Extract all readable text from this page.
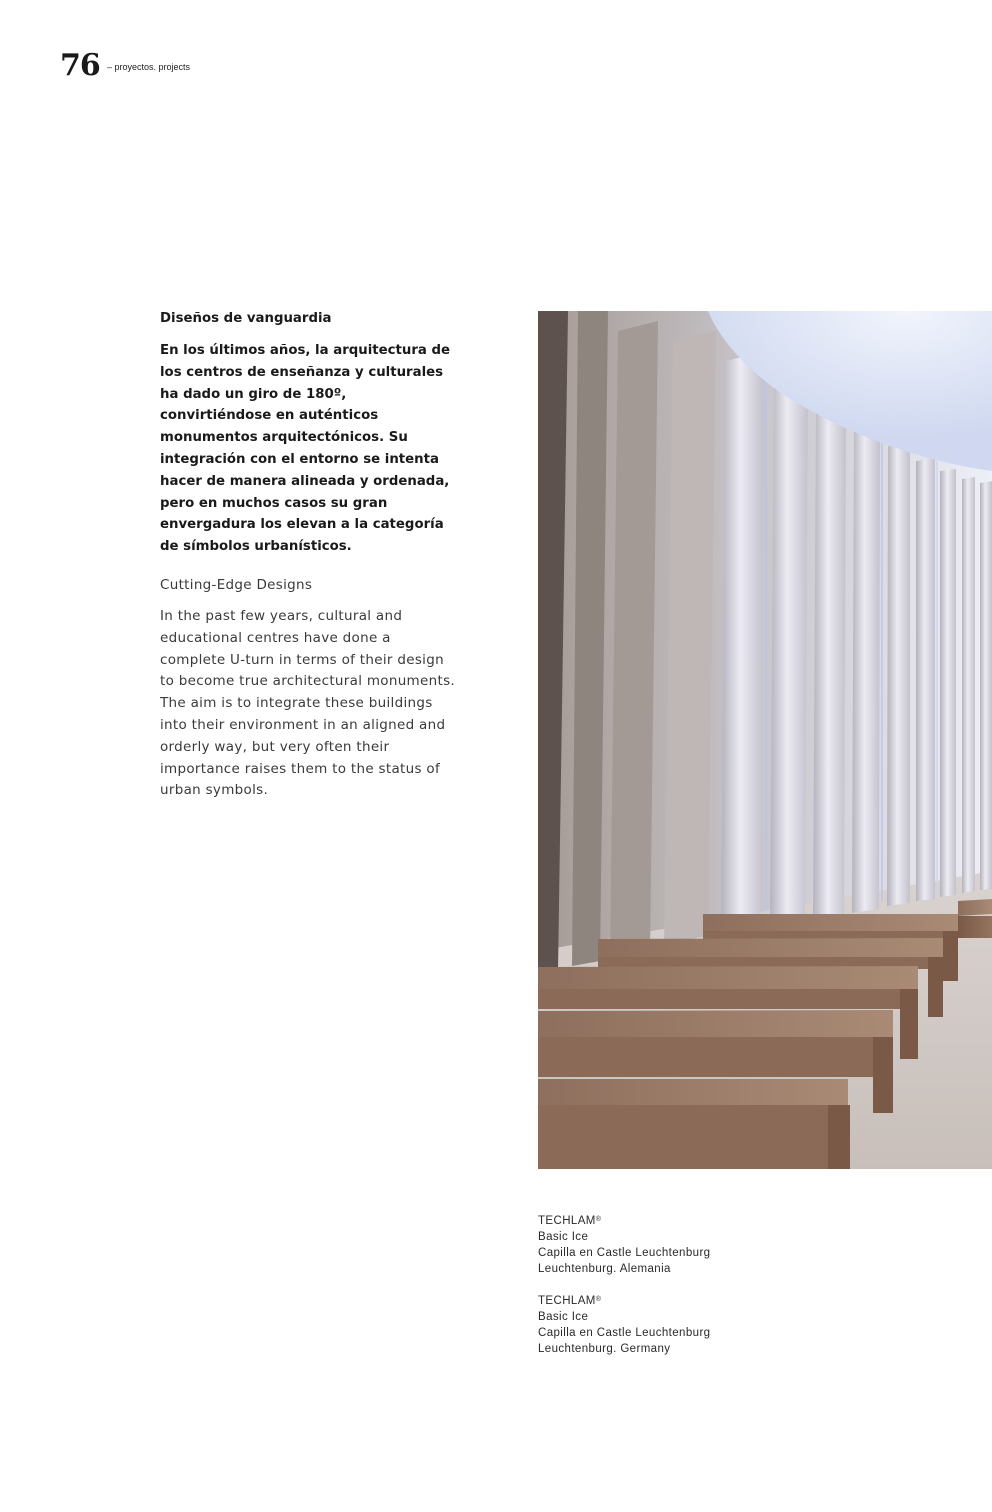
76 – proyectos. projects
Diseños de vanguardia
En los últimos años, la arquitectura de los centros de enseñanza y culturales ha dado un giro de 180º, convirtiéndose en auténticos monumentos arquitectónicos. Su integración con el entorno se intenta hacer de manera alineada y ordenada, pero en muchos casos su gran envergadura los elevan a la categoría de símbolos urbanísticos.
Cutting-Edge Designs
In the past few years, cultural and educational centres have done a complete U-turn in terms of their design to become true architectural monuments. The aim is to integrate these buildings into their environment in an aligned and orderly way, but very often their importance raises them to the status of urban symbols.
TECHLAM®
Basic Ice
Capilla en Castle Leuchtenburg
Leuchtenburg. Alemania
TECHLAM®
Basic Ice
Capilla en Castle Leuchtenburg
Leuchtenburg. Germany
